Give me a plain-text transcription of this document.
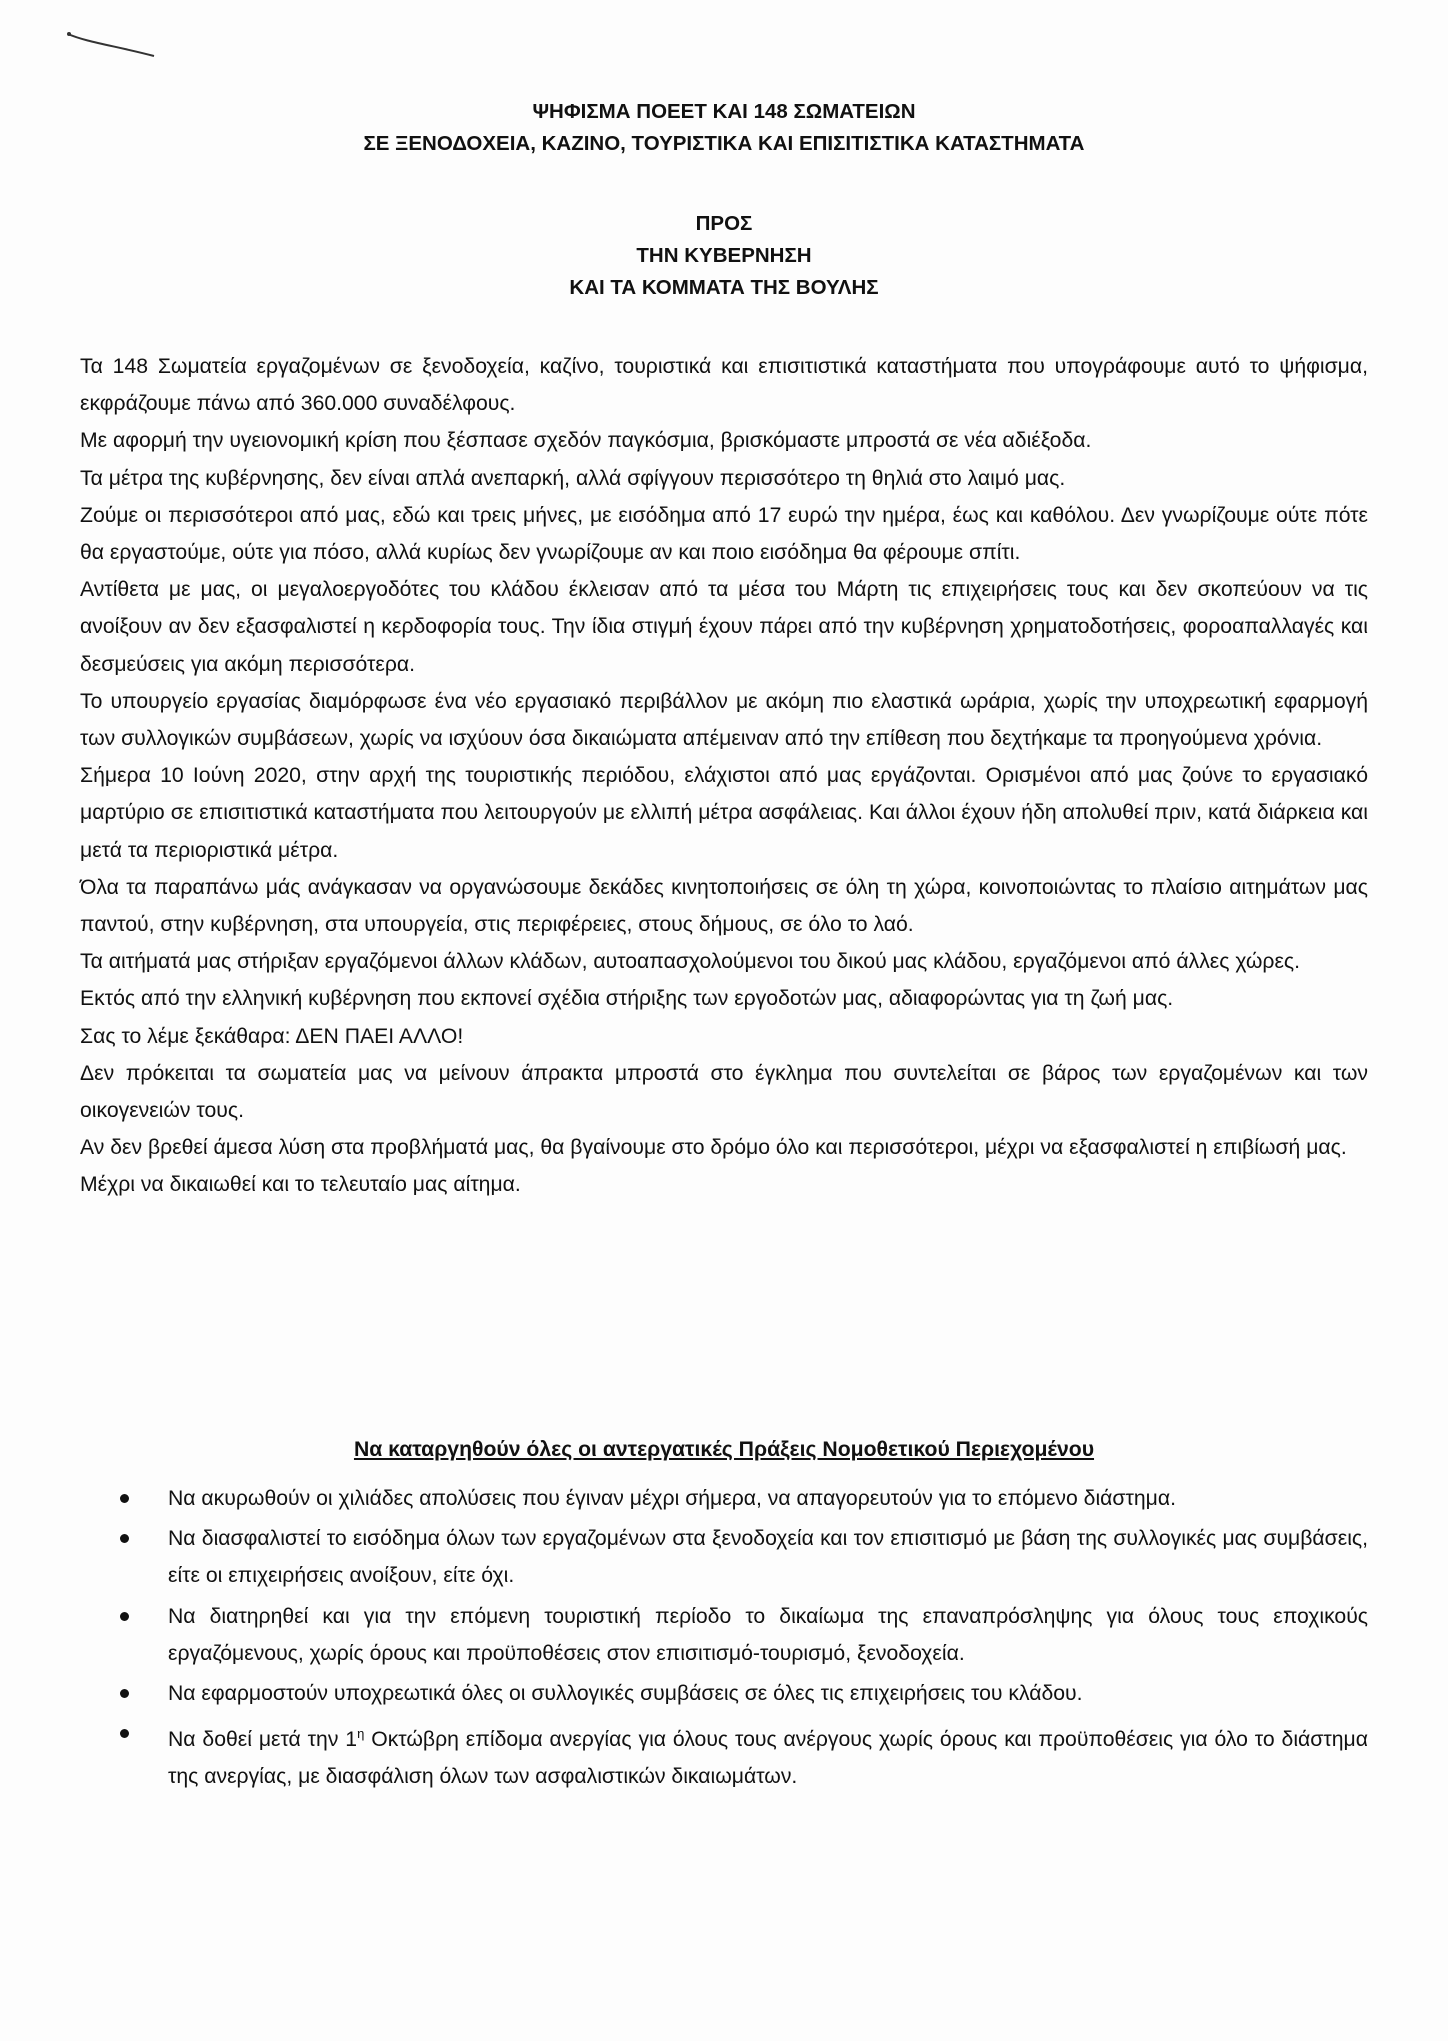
ΨΗΦΙΣΜΑ ΠΟΕΕΤ ΚΑΙ 148 ΣΩΜΑΤΕΙΩΝ
ΣΕ ΞΕΝΟΔΟΧΕΙΑ, ΚΑΖΙΝΟ, ΤΟΥΡΙΣΤΙΚΑ ΚΑΙ ΕΠΙΣΙΤΙΣΤΙΚΑ ΚΑΤΑΣΤΗΜΑΤΑ
ΠΡΟΣ
ΤΗΝ ΚΥΒΕΡΝΗΣΗ
ΚΑΙ ΤΑ ΚΟΜΜΑΤΑ ΤΗΣ ΒΟΥΛΗΣ

Τα 148 Σωματεία εργαζομένων σε ξενοδοχεία, καζίνο, τουριστικά και επισιτιστικά καταστήματα που υπογράφουμε αυτό το ψήφισμα, εκφράζουμε πάνω από 360.000 συναδέλφους.

Με αφορμή την υγειονομική κρίση που ξέσπασε σχεδόν παγκόσμια, βρισκόμαστε μπροστά σε νέα αδιέξοδα.

Τα μέτρα της κυβέρνησης, δεν είναι απλά ανεπαρκή, αλλά σφίγγουν περισσότερο τη θηλιά στο λαιμό μας.

Ζούμε οι περισσότεροι από μας, εδώ και τρεις μήνες, με εισόδημα από 17 ευρώ την ημέρα, έως και καθόλου. Δεν γνωρίζουμε ούτε πότε θα εργαστούμε, ούτε για πόσο, αλλά κυρίως δεν γνωρίζουμε αν και ποιο εισόδημα θα φέρουμε σπίτι.

Αντίθετα με μας, οι μεγαλοεργοδότες του κλάδου έκλεισαν από τα μέσα του Μάρτη τις επιχειρήσεις τους και δεν σκοπεύουν να τις ανοίξουν αν δεν εξασφαλιστεί η κερδοφορία τους. Την ίδια στιγμή έχουν πάρει από την κυβέρνηση χρηματοδοτήσεις, φοροαπαλλαγές και δεσμεύσεις για ακόμη περισσότερα.

Το υπουργείο εργασίας διαμόρφωσε ένα νέο εργασιακό περιβάλλον με ακόμη πιο ελαστικά ωράρια, χωρίς την υποχρεωτική εφαρμογή των συλλογικών συμβάσεων, χωρίς να ισχύουν όσα δικαιώματα απέμειναν από την επίθεση που δεχτήκαμε τα προηγούμενα χρόνια.

Σήμερα 10 Ιούνη 2020, στην αρχή της τουριστικής περιόδου, ελάχιστοι από μας εργάζονται. Ορισμένοι από μας ζούνε το εργασιακό μαρτύριο σε επισιτιστικά καταστήματα που λειτουργούν με ελλιπή μέτρα ασφάλειας. Και άλλοι έχουν ήδη απολυθεί πριν, κατά διάρκεια και μετά τα περιοριστικά μέτρα.

Όλα τα παραπάνω μάς ανάγκασαν να οργανώσουμε δεκάδες κινητοποιήσεις σε όλη τη χώρα, κοινοποιώντας το πλαίσιο αιτημάτων μας παντού, στην κυβέρνηση, στα υπουργεία, στις περιφέρειες, στους δήμους, σε όλο το λαό.

Τα αιτήματά μας στήριξαν εργαζόμενοι άλλων κλάδων, αυτοαπασχολούμενοι του δικού μας κλάδου, εργαζόμενοι από άλλες χώρες.

Εκτός από την ελληνική κυβέρνηση που εκπονεί σχέδια στήριξης των εργοδοτών μας, αδιαφορώντας για τη ζωή μας.

Σας το λέμε ξεκάθαρα: ΔΕΝ ΠΑΕΙ ΑΛΛΟ!

Δεν πρόκειται τα σωματεία μας να μείνουν άπρακτα μπροστά στο έγκλημα που συντελείται σε βάρος των εργαζομένων και των οικογενειών τους.

Αν δεν βρεθεί άμεσα λύση στα προβλήματά μας, θα βγαίνουμε στο δρόμο όλο και περισσότεροι, μέχρι να εξασφαλιστεί η επιβίωσή μας.

Μέχρι να δικαιωθεί και το τελευταίο μας αίτημα.

Να καταργηθούν όλες οι αντεργατικές Πράξεις Νομοθετικού Περιεχομένου
Να ακυρωθούν οι χιλιάδες απολύσεις που έγιναν μέχρι σήμερα, να απαγορευτούν για το επόμενο διάστημα.
Να διασφαλιστεί το εισόδημα όλων των εργαζομένων στα ξενοδοχεία και τον επισιτισμό με βάση της συλλογικές μας συμβάσεις, είτε οι επιχειρήσεις ανοίξουν, είτε όχι.
Να διατηρηθεί και για την επόμενη τουριστική περίοδο το δικαίωμα της επαναπρόσληψης για όλους τους εποχικούς εργαζόμενους, χωρίς όρους και προϋποθέσεις στον επισιτισμό-τουρισμό, ξενοδοχεία.
Να εφαρμοστούν υποχρεωτικά όλες οι συλλογικές συμβάσεις σε όλες τις επιχειρήσεις του κλάδου.
Να δοθεί μετά την $1^\eta$ Οκτώβρη επίδομα ανεργίας για όλους τους ανέργους χωρίς όρους και προϋποθέσεις για όλο το διάστημα της ανεργίας, με διασφάλιση όλων των ασφαλιστικών δικαιωμάτων.
